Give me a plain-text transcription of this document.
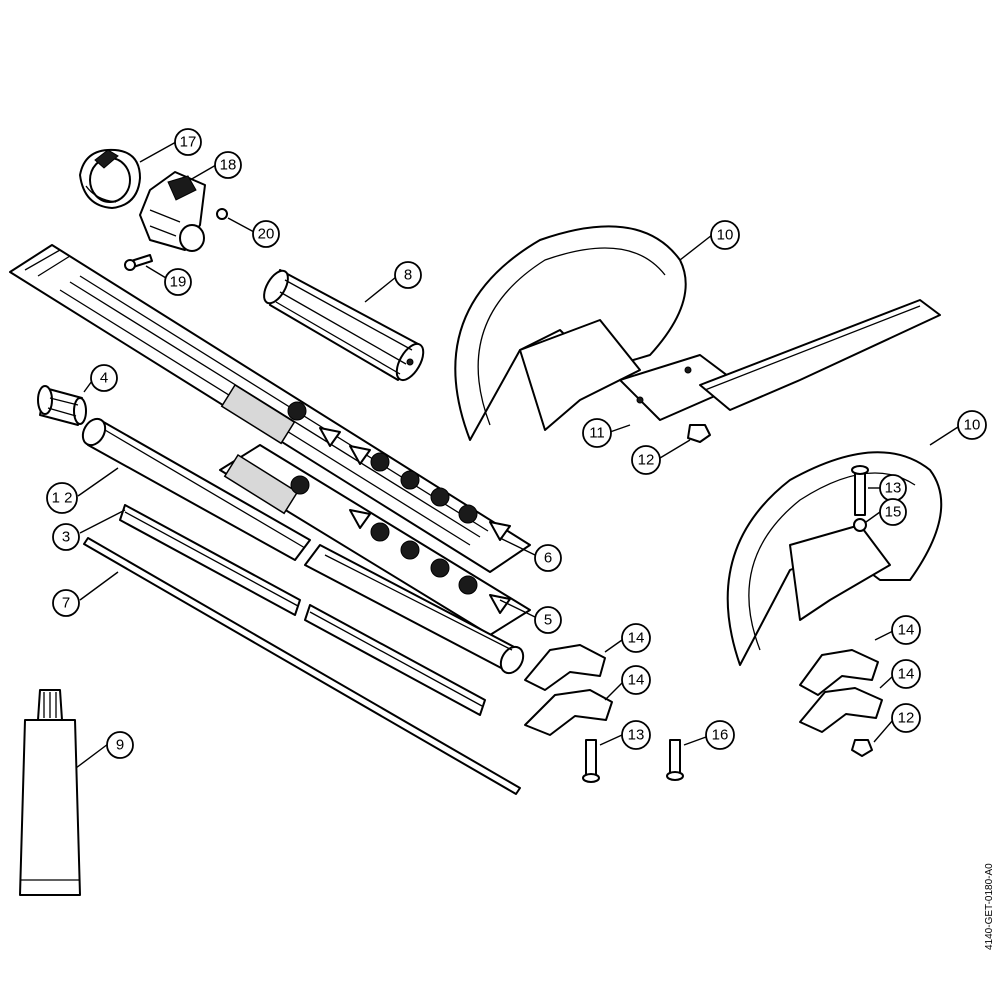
17
18
20
19	8
4
1 2
3
7
6
5
9
10
11
12
10
13
15
14
14
13	16
14
14
12
4140-GET-0180-A0
